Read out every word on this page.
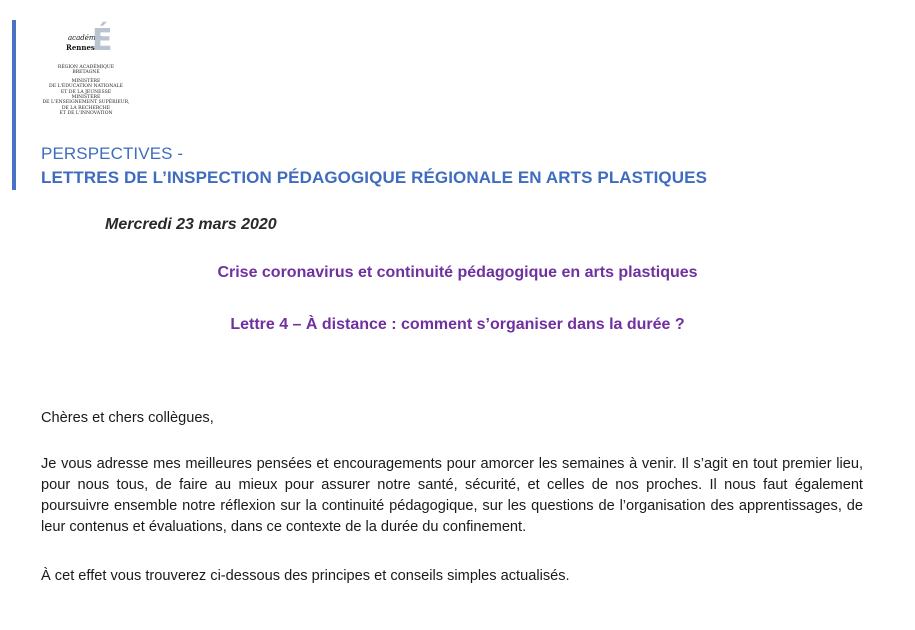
académie
Rennes
É
RÉGION ACADÉMIQUE
BRETAGNE
MINISTÈRE
DE L'ÉDUCATION NATIONALE
ET DE LA JEUNESSE
MINISTÈRE
DE L'ENSEIGNEMENT SUPÉRIEUR,
DE LA RECHERCHE
ET DE L'INNOVATION
PERSPECTIVES -
LETTRES DE L’INSPECTION PÉDAGOGIQUE RÉGIONALE EN ARTS PLASTIQUES
Mercredi 23 mars 2020
Crise coronavirus et continuité pédagogique en arts plastiques
Lettre 4 – À distance : comment s’organiser dans la durée ?
Chères et chers collègues,
Je vous adresse mes meilleures pensées et encouragements pour amorcer les semaines à venir. Il s’agit en tout premier lieu, pour nous tous, de faire au mieux pour assurer notre santé, sécurité, et celles de nos proches. Il nous faut également poursuivre ensemble notre réflexion sur la continuité pédagogique, sur les questions de l’organisation des apprentissages, de leur contenus et évaluations, dans ce contexte de la durée du confinement.
À cet effet vous trouverez ci-dessous des principes et conseils simples actualisés.
